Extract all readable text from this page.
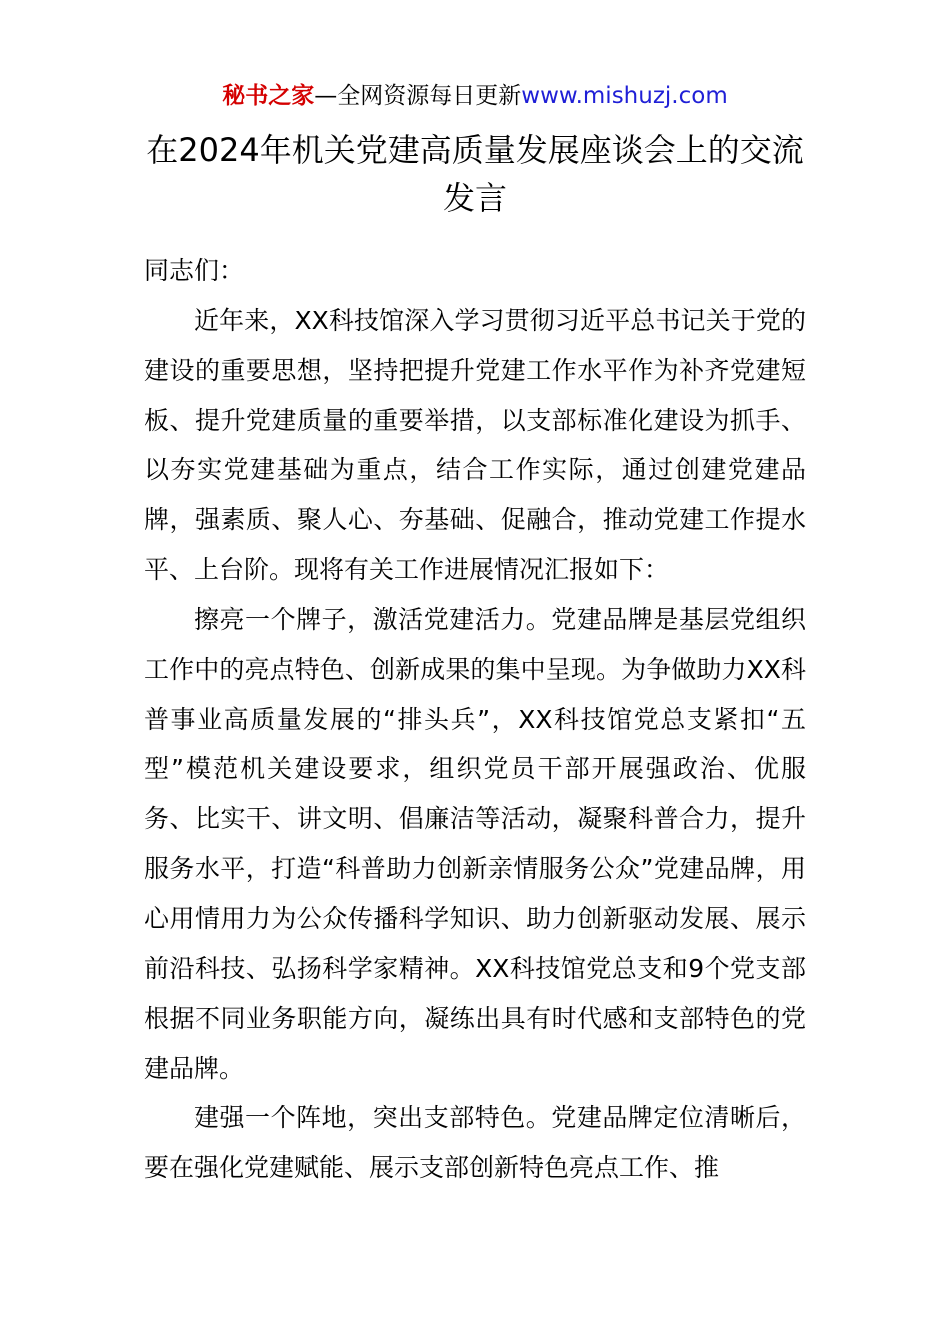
秘书之家—全网资源每日更新www.mishuzj.com
在2024年机关党建高质量发展座谈会上的交流发言

同志们：

近年来，XX科技馆深入学习贯彻习近平总书记关于党的建设的重要思想，坚持把提升党建工作水平作为补齐党建短板、提升党建质量的重要举措，以支部标准化建设为抓手、以夯实党建基础为重点，结合工作实际，通过创建党建品牌，强素质、聚人心、夯基础、促融合，推动党建工作提水平、上台阶。现将有关工作进展情况汇报如下：

擦亮一个牌子，激活党建活力。党建品牌是基层党组织工作中的亮点特色、创新成果的集中呈现。为争做助力XX科普事业高质量发展的“排头兵”，XX科技馆党总支紧扣“五型”模范机关建设要求，组织党员干部开展强政治、优服务、比实干、讲文明、倡廉洁等活动，凝聚科普合力，提升服务水平，打造“科普助力创新亲情服务公众”党建品牌，用心用情用力为公众传播科学知识、助力创新驱动发展、展示前沿科技、弘扬科学家精神。XX科技馆党总支和9个党支部根据不同业务职能方向，凝练出具有时代感和支部特色的党建品牌。

建强一个阵地，突出支部特色。党建品牌定位清晰后，要在强化党建赋能、展示支部创新特色亮点工作、推
